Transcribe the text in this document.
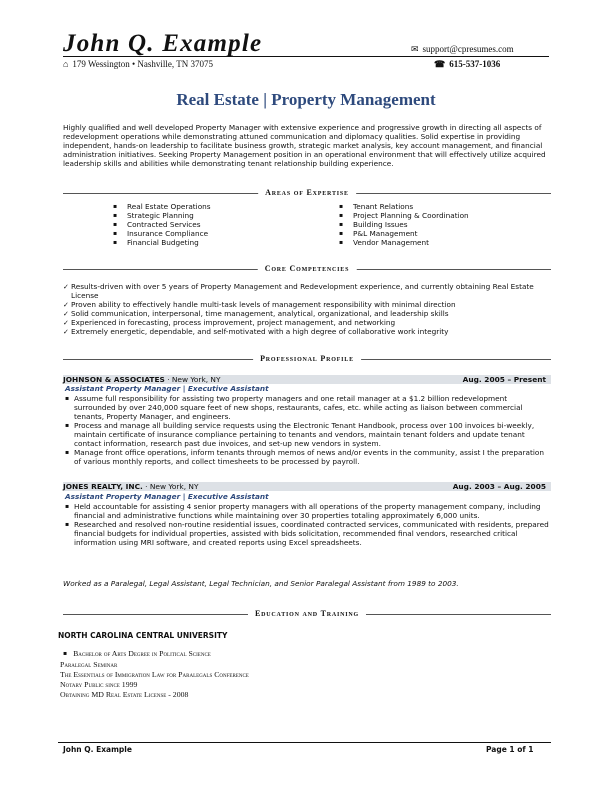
John Q. Example	✉ support@cpresumes.com
⌂ 179 Wessington • Nashville, TN 37075	☎ 615-537-1036
Real Estate | Property Management
Highly qualified and well developed Property Manager with extensive experience and progressive growth in directing all aspects of redevelopment operations while demonstrating attuned communication and diplomacy qualities. Solid expertise in providing independent, hands-on leadership to facilitate business growth, strategic market analysis, key account management, and financial administration initiatives. Seeking Property Management position in an operational environment that will effectively utilize acquired leadership skills and abilities while demonstrating tenant relationship building experience.
Areas of Expertise
▪ Real Estate Operations
▪ Strategic Planning
▪ Contracted Services
▪ Insurance Compliance
▪ Financial Budgeting
▪ Tenant Relations
▪ Project Planning & Coordination
▪ Building Issues
▪ P&L Management
▪ Vendor Management
Core Competencies
✓ Results-driven with over 5 years of Property Management and Redevelopment experience, and currently obtaining Real Estate License
✓ Proven ability to effectively handle multi-task levels of management responsibility with minimal direction
✓ Solid communication, interpersonal, time management, analytical, organizational, and leadership skills
✓ Experienced in forecasting, process improvement, project management, and networking
✓ Extremely energetic, dependable, and self-motivated with a high degree of collaborative work integrity
Professional Profile
JOHNSON & ASSOCIATES · New York, NY	Aug. 2005 – Present
Assistant Property Manager | Executive Assistant
▪ Assume full responsibility for assisting two property managers and one retail manager at a $1.2 billion redevelopment surrounded by over 240,000 square feet of new shops, restaurants, cafes, etc. while acting as liaison between commercial tenants, Property Manager, and engineers.
▪ Process and manage all building service requests using the Electronic Tenant Handbook, process over 100 invoices bi-weekly, maintain certificate of insurance compliance pertaining to tenants and vendors, maintain tenant folders and update tenant contact information, research past due invoices, and set-up new vendors in system.
▪ Manage front office operations, inform tenants through memos of news and/or events in the community, assist I the preparation of various monthly reports, and collect timesheets to be processed by payroll.
JONES REALTY, INC. · New York, NY	Aug. 2003 – Aug. 2005
Assistant Property Manager | Executive Assistant
▪ Held accountable for assisting 4 senior property managers with all operations of the property management company, including financial and administrative functions while maintaining over 30 properties totaling approximately 6,000 units.
▪ Researched and resolved non-routine residential issues, coordinated contracted services, communicated with residents, prepared financial budgets for individual properties, assisted with bids solicitation, recommended final vendors, researched critical information using MRI software, and created reports using Excel spreadsheets.
Worked as a Paralegal, Legal Assistant, Legal Technician, and Senior Paralegal Assistant from 1989 to 2003.
Education and Training
NORTH CAROLINA CENTRAL UNIVERSITY
▪ Bachelor of Arts Degree in Political Science
Paralegal Seminar
The Essentials of Immigration Law for Paralegals Conference
Notary Public since 1999
Obtaining MD Real Estate License - 2008
John Q. Example	Page 1 of 1
